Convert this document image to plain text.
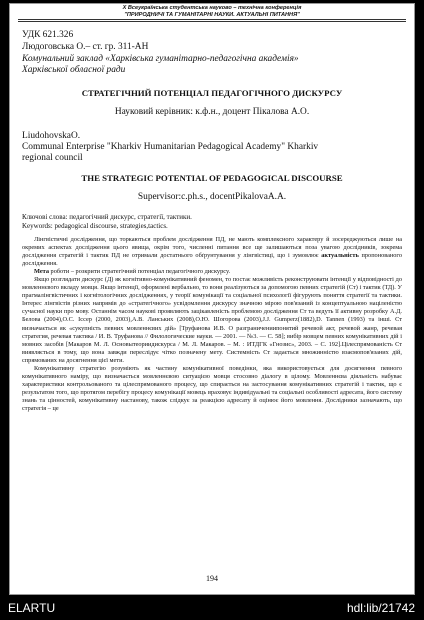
Х Всеукраїнська студентська науково – технічна конференція
"ПРИРОДНИЧІ ТА ГУМАНІТАРНІ НАУКИ. АКТУАЛЬНІ ПИТАННЯ"
УДК 621.326
Людоговська О.– ст. гр. 311-АН
Комунальний заклад «Харківська гуманітарно-педагогічна академія»
Харківської обласної ради
СТРАТЕГІЧНИЙ ПОТЕНЦІАЛ ПЕДАГОГІЧНОГО ДИСКУРСУ
Науковий керівник: к.ф.н., доцент Пікалова А.О.
LiudohovskaO.
Communal Enterprise "Kharkiv Humanitarian Pedagogical Academy" Kharkiv
regional council
THE STRATEGIC POTENTIAL OF PEDAGOGICAL DISCOURSE
Supervisor:c.ph.s., docentPikalovaA.A.
Ключові слова: педагогічний дискурс, стратегії, тактики.
Keywords: pedagogical discourse, strategies,tactics.

Лінгвістичні дослідження, що торкаються проблем дослідження ПД, не мають комплексного характеру й зосереджуються лише на окремих аспектах дослідження цього явища, окрім того, численні питання все ще залишаються поза увагою дослідників, зокрема дослідження стратегій і тактик ПД не отримали достатнього обґрунтування у лінгвістиці, що і зумовлює актуальність пропонованого дослідження.

Мета роботи – розкрити стратегічний потенціал педагогічного дискурсу.

Якщо розглядати дискурс (Д) як когнітивно-комунікативний феномен, то постає можливість реконструювати інтенції у відповідності до мовленнєвого вкладу мовця. Якщо інтенції, оформлені вербально, то вони реалізуються за допомогою певних стратегій (Ст) і тактик (ТД). У прагмалінгвістичних і когнітологічних дослідженнях, у теорії комунікації та соціальної психології фігурують поняття стратегії та тактики. Інтерес лінгвістів різних напрямів до «стратегічного» усвідомлення дискурсу значною мірою пов'язаний із концептуальною націленістю сучасної науки про мову. Останнім часом наукові проявляють зацікавленість проблемою дослідження Ст та ведуть її активну розробку А.Д. Белова (2004),О.С. Іссер (2000, 2003),А.В. Ланських (2008),О.Ю. Шогорова (2003),J.J. Gumperz(1882),D. Tannen (1993) та інші. Ст визначається як «сукупність певних мовленнєвих дій» [Труфанова И.В. О разграничениипонятий речевой акт, речевой жанр, речевая стратегия, речевая тактика / И. В. Труфанова // Филологические науки. — 2001. — №3. — С. 58]; вибір мовцем певних комунікативних дій і мовних засобів [Макаров М. Л. Основытеориидискурса / М. Л. Макаров. – М. : ИТДГК «Гнозис», 2003. – С. 192].Цілеспрямованість Ст виявляється в тому, що вона завжди переслідує чітко позначену мету. Системність Ст задається множинністю взаємопов'язаних дій, спрямованих на досягнення цієї мети.

Комунікативну стратегію розуміють як частину комунікативної поведінки, яка використовується для досягнення певного комунікативного наміру, що визначається мовленнєвою ситуацією мовця стосовно діалогу в цілому. Мовленнєва діяльність набуває характеристики контрольованого та цілеспрямованого процесу, що спирається на застосування комунікативних стратегій і тактик, що є результатом того, що протягом перебігу процесу комунікації мовець враховує індивідуальні та соціальні особливості адресата, його систему знань та цінностей, комунікативну настанову, також слідкує за реакцією адресату й оцінює його мовлення. Дослідники зазначають, що стратегія – це

194
ELARTU	hdl:lib/21742
